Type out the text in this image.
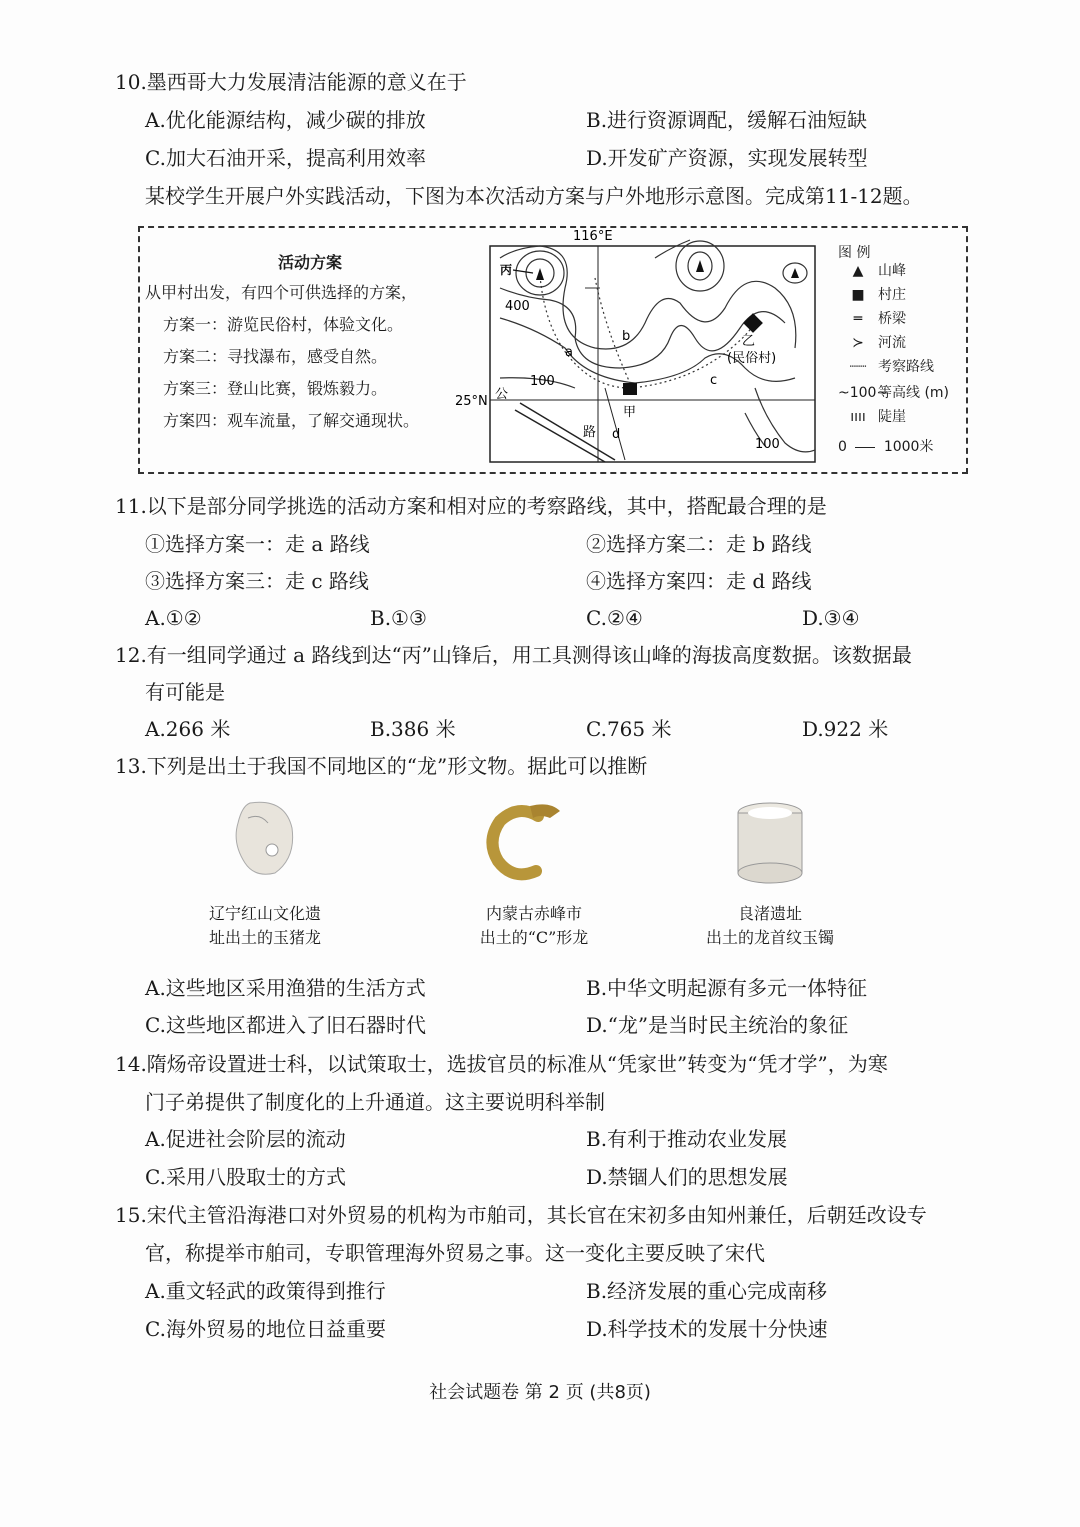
10.墨西哥大力发展清洁能源的意义在于
A.优化能源结构，减少碳的排放	B.进行资源调配，缓解石油短缺
C.加大石油开采，提高利用效率	D.开发矿产资源，实现发展转型
某校学生开展户外实践活动，下图为本次活动方案与户外地形示意图。完成第11-12题。
活动方案
从甲村出发，有四个可供选择的方案，
方案一：游览民俗村，体验文化。
方案二：寻找瀑布，感受自然。
方案三：登山比赛，锻炼毅力。
方案四：观车流量，了解交通现状。
116°E
25°N
丙
400
100
100
a
b
c
d
甲
乙
(民俗村)
公
路
图 例
▲ 山峰
■ 村庄
═ 桥梁
≻ 河流
┈┈ 考察路线
~100~等高线 (m)
ıııı 陡崖
0	1000米
11.以下是部分同学挑选的活动方案和相对应的考察路线，其中，搭配最合理的是
①选择方案一：走 a 路线	②选择方案二：走 b 路线
③选择方案三：走 c 路线	④选择方案四：走 d 路线
A.①②	B.①③	C.②④	D.③④
12.有一组同学通过 a 路线到达“丙”山锋后，用工具测得该山峰的海拔高度数据。该数据最
有可能是
A.266 米	B.386 米	C.765 米	D.922 米
13.下列是出土于我国不同地区的“龙”形文物。据此可以推断
辽宁红山文化遗
址出土的玉猪龙
内蒙古赤峰市
出土的“C”形龙
良渚遗址
出土的龙首纹玉镯
A.这些地区采用渔猎的生活方式	B.中华文明起源有多元一体特征
C.这些地区都进入了旧石器时代	D.“龙”是当时民主统治的象征
14.隋炀帝设置进士科，以试策取士，选拔官员的标准从“凭家世”转变为“凭才学”，为寒
门子弟提供了制度化的上升通道。这主要说明科举制
A.促进社会阶层的流动	B.有利于推动农业发展
C.采用八股取士的方式	D.禁锢人们的思想发展
15.宋代主管沿海港口对外贸易的机构为市舶司，其长官在宋初多由知州兼任，后朝廷改设专
官，称提举市舶司，专职管理海外贸易之事。这一变化主要反映了宋代
A.重文轻武的政策得到推行	B.经济发展的重心完成南移
C.海外贸易的地位日益重要	D.科学技术的发展十分快速
社会试题卷 第 2 页 (共8页)
